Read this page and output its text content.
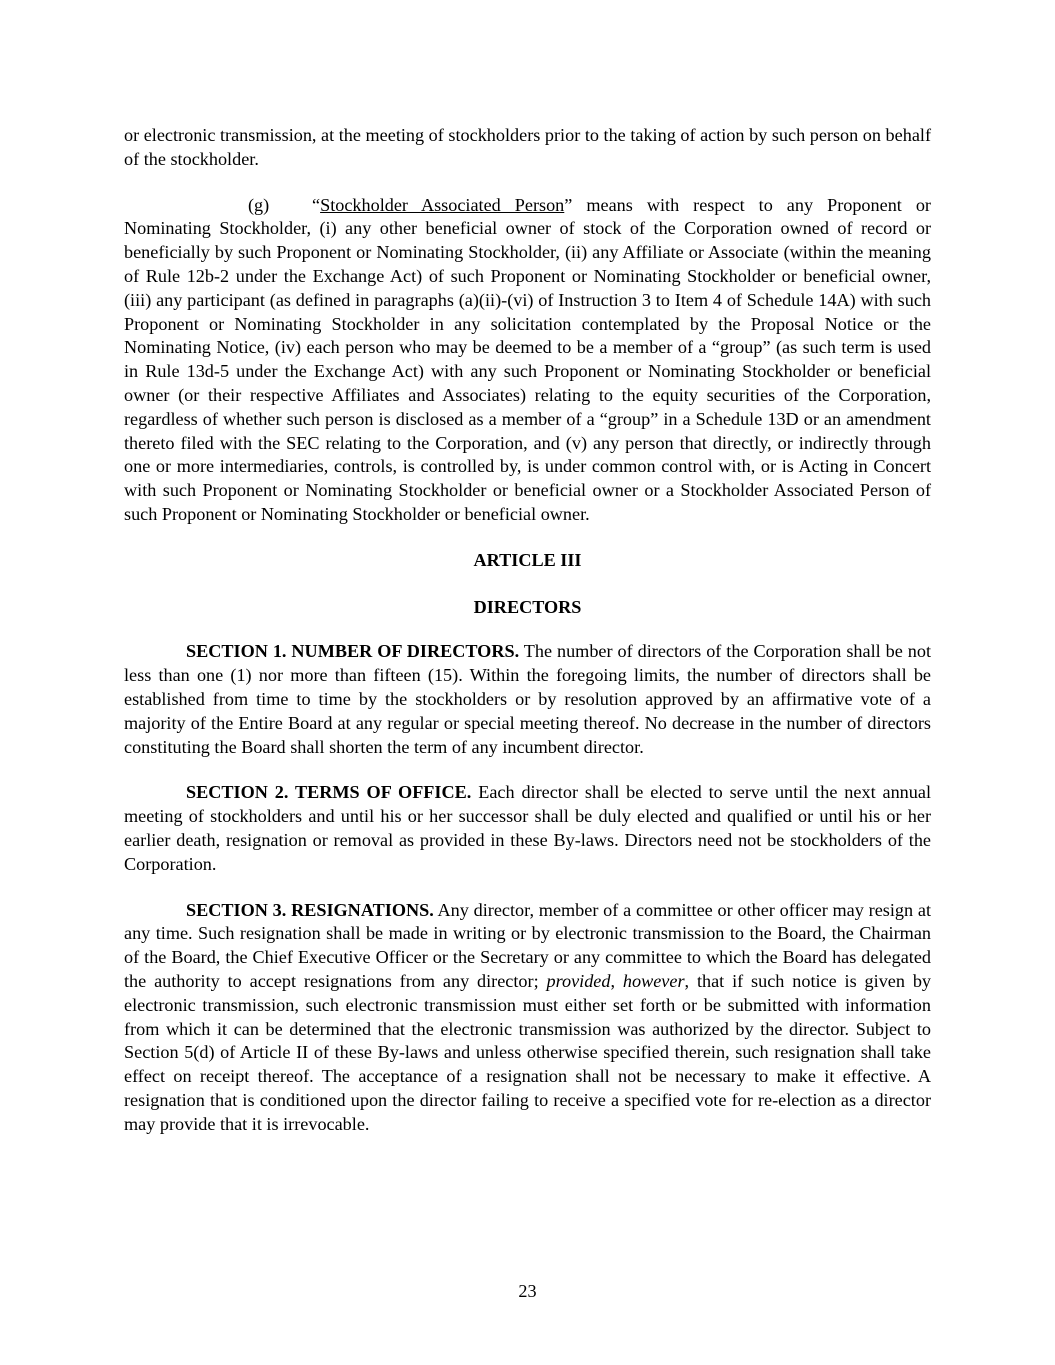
or electronic transmission, at the meeting of stockholders prior to the taking of action by such person on behalf of the stockholder.

(g) “Stockholder Associated Person” means with respect to any Proponent or Nominating Stockholder, (i) any other beneficial owner of stock of the Corporation owned of record or beneficially by such Proponent or Nominating Stockholder, (ii) any Affiliate or Associate (within the meaning of Rule 12b-2 under the Exchange Act) of such Proponent or Nominating Stockholder or beneficial owner, (iii) any participant (as defined in paragraphs (a)(ii)-(vi) of Instruction 3 to Item 4 of Schedule 14A) with such Proponent or Nominating Stockholder in any solicitation contemplated by the Proposal Notice or the Nominating Notice, (iv) each person who may be deemed to be a member of a “group” (as such term is used in Rule 13d-5 under the Exchange Act) with any such Proponent or Nominating Stockholder or beneficial owner (or their respective Affiliates and Associates) relating to the equity securities of the Corporation, regardless of whether such person is disclosed as a member of a “group” in a Schedule 13D or an amendment thereto filed with the SEC relating to the Corporation, and (v) any person that directly, or indirectly through one or more intermediaries, controls, is controlled by, is under common control with, or is Acting in Concert with such Proponent or Nominating Stockholder or beneficial owner or a Stockholder Associated Person of such Proponent or Nominating Stockholder or beneficial owner.

ARTICLE III

DIRECTORS

SECTION 1. NUMBER OF DIRECTORS. The number of directors of the Corporation shall be not less than one (1) nor more than fifteen (15). Within the foregoing limits, the number of directors shall be established from time to time by the stockholders or by resolution approved by an affirmative vote of a majority of the Entire Board at any regular or special meeting thereof. No decrease in the number of directors constituting the Board shall shorten the term of any incumbent director.

SECTION 2. TERMS OF OFFICE. Each director shall be elected to serve until the next annual meeting of stockholders and until his or her successor shall be duly elected and qualified or until his or her earlier death, resignation or removal as provided in these By-laws. Directors need not be stockholders of the Corporation.

SECTION 3. RESIGNATIONS. Any director, member of a committee or other officer may resign at any time. Such resignation shall be made in writing or by electronic transmission to the Board, the Chairman of the Board, the Chief Executive Officer or the Secretary or any committee to which the Board has delegated the authority to accept resignations from any director; provided, however, that if such notice is given by electronic transmission, such electronic transmission must either set forth or be submitted with information from which it can be determined that the electronic transmission was authorized by the director. Subject to Section 5(d) of Article II of these By-laws and unless otherwise specified therein, such resignation shall take effect on receipt thereof. The acceptance of a resignation shall not be necessary to make it effective. A resignation that is conditioned upon the director failing to receive a specified vote for re-election as a director may provide that it is irrevocable.

23
